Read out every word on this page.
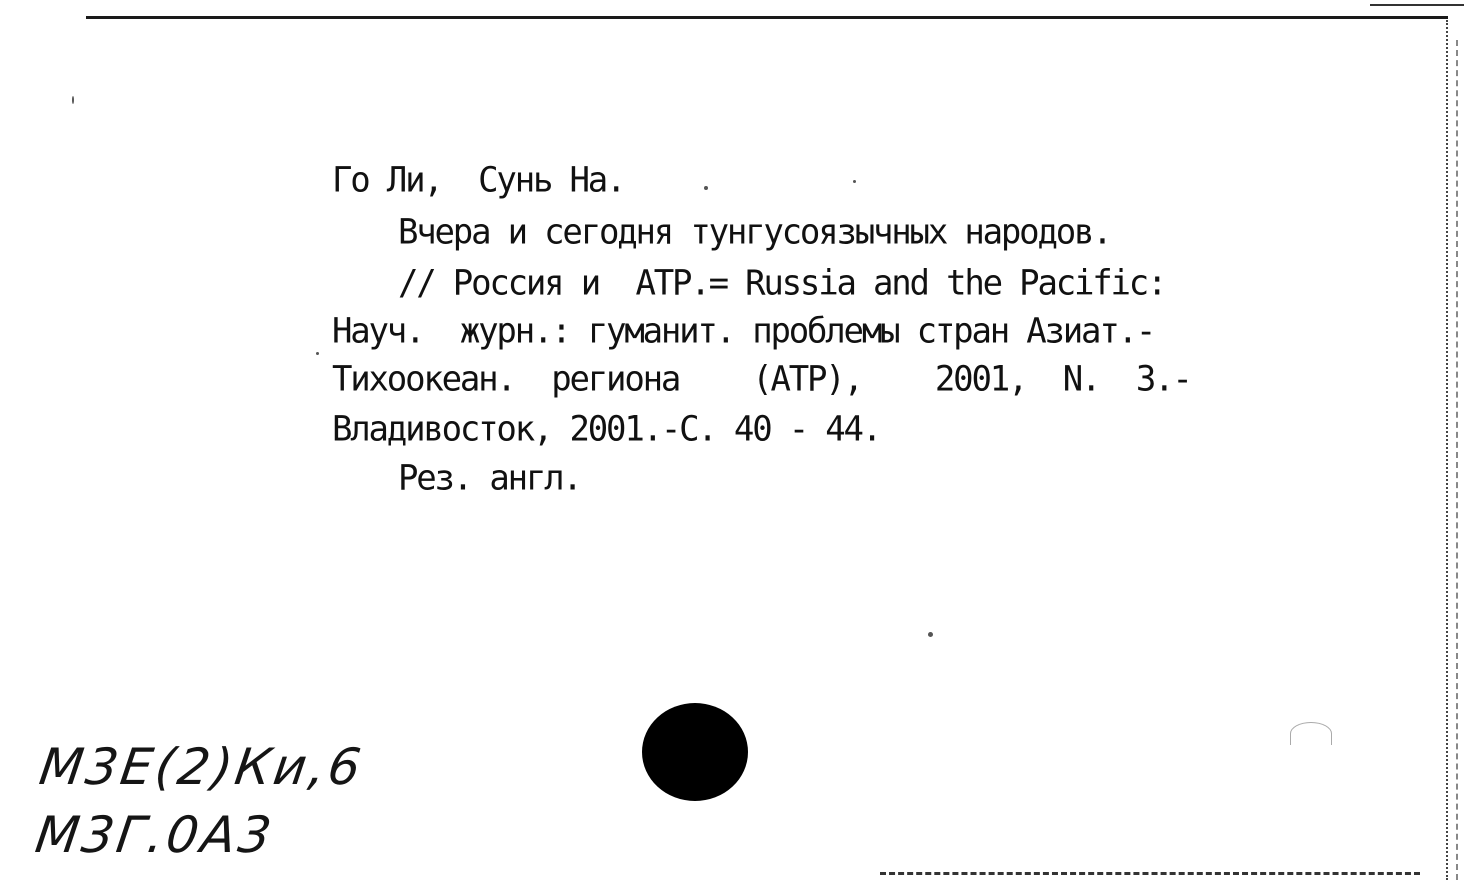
Го Ли,  Сунь На.
Вчера и сегодня тунгусоязычных народов.
// Россия и  АТР.= Russia and the Pacific:
Науч.  журн.: гуманит. проблемы стран Азиат.-
Тихоокеан.  региона    (АТР),    2001,  N.  3.-
Владивосток, 2001.-С. 40 - 44.
Рез. англ.
M3E(2)Ки,6
M3Г.0A3
